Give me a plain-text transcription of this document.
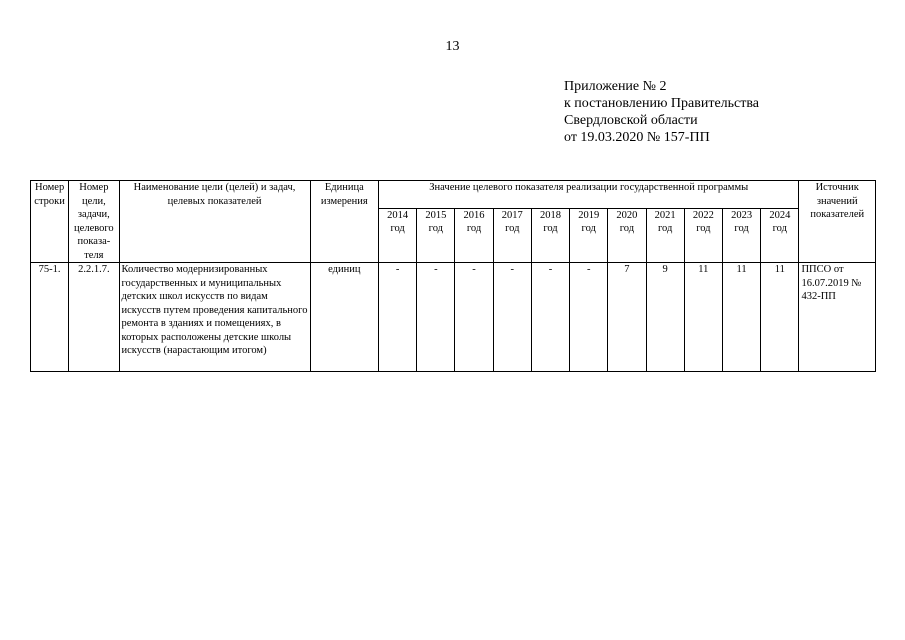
13
Приложение № 2
к постановлению Правительства
Свердловской области
от 19.03.2020 № 157-ПП
Номер строки	Номер цели, задачи, целевого показа-теля	Наименование цели (целей) и задач, целевых показателей	Единица измерения	Значение целевого показателя реализации государственной программы											Источник значений показателей
				2014 год	2015 год	2016 год	2017 год	2018 год	2019 год	2020 год	2021 год	2022 год	2023 год	2024 год	
75-1.	2.2.1.7.	Количество модернизированных государственных и муниципальных детских школ искусств по видам искусств путем проведения капитального ремонта в зданиях и помещениях, в которых расположены детские школы искусств (нарастающим итогом)	единиц	-	-	-	-	-	-	7	9	11	11	11	ППСО от 16.07.2019 № 432-ПП
